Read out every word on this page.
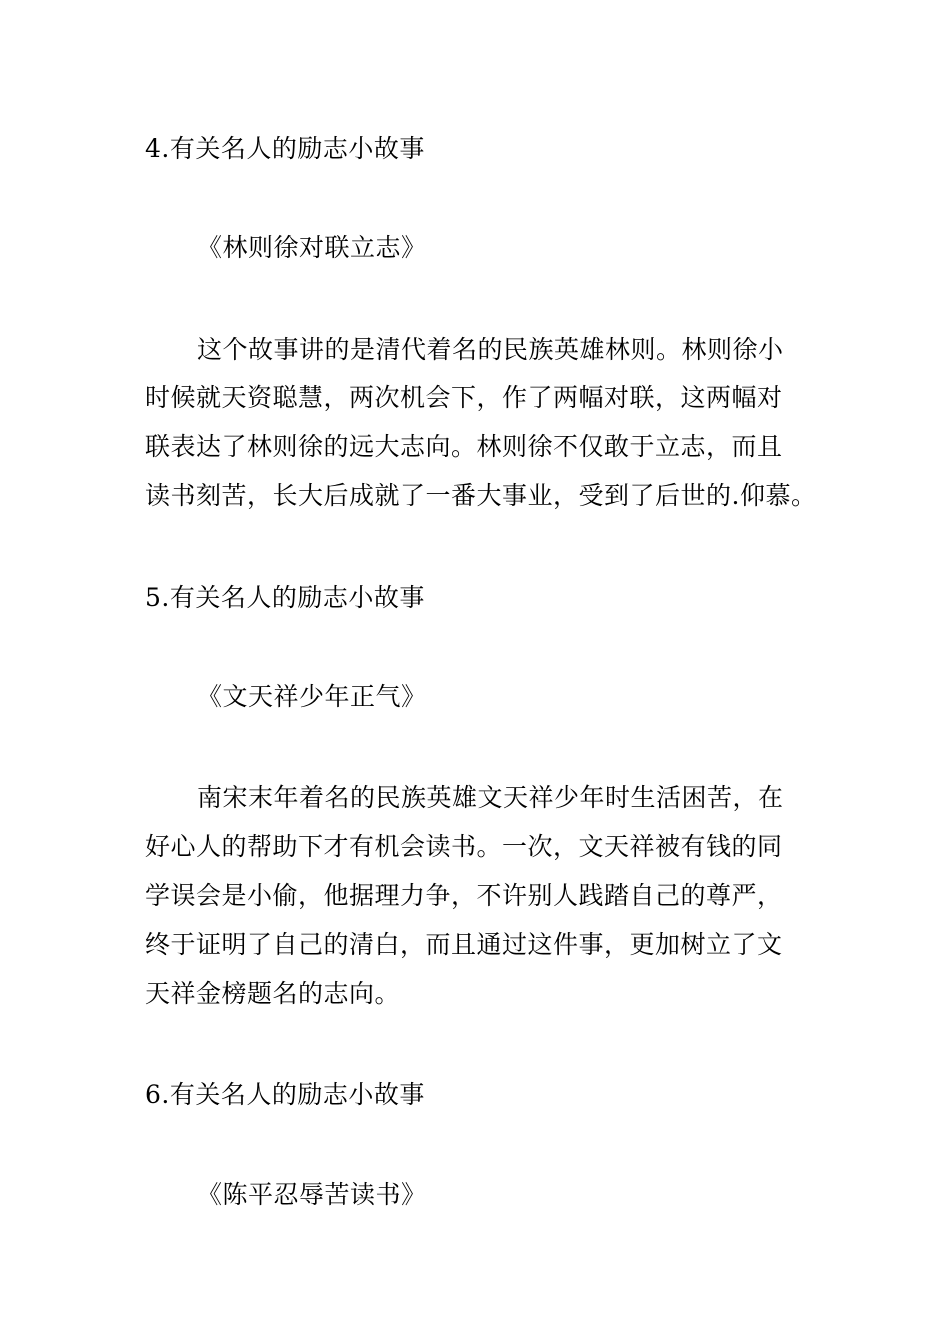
4.有关名人的励志小故事
《林则徐对联立志》
这个故事讲的是清代着名的民族英雄林则。林则徐小
时候就天资聪慧，两次机会下，作了两幅对联，这两幅对
联表达了林则徐的远大志向。林则徐不仅敢于立志，而且
读书刻苦，长大后成就了一番大事业，受到了后世的.仰慕。
5.有关名人的励志小故事
《文天祥少年正气》
南宋末年着名的民族英雄文天祥少年时生活困苦，在
好心人的帮助下才有机会读书。一次，文天祥被有钱的同
学误会是小偷，他据理力争，不许别人践踏自己的尊严，
终于证明了自己的清白，而且通过这件事，更加树立了文
天祥金榜题名的志向。
6.有关名人的励志小故事
《陈平忍辱苦读书》
